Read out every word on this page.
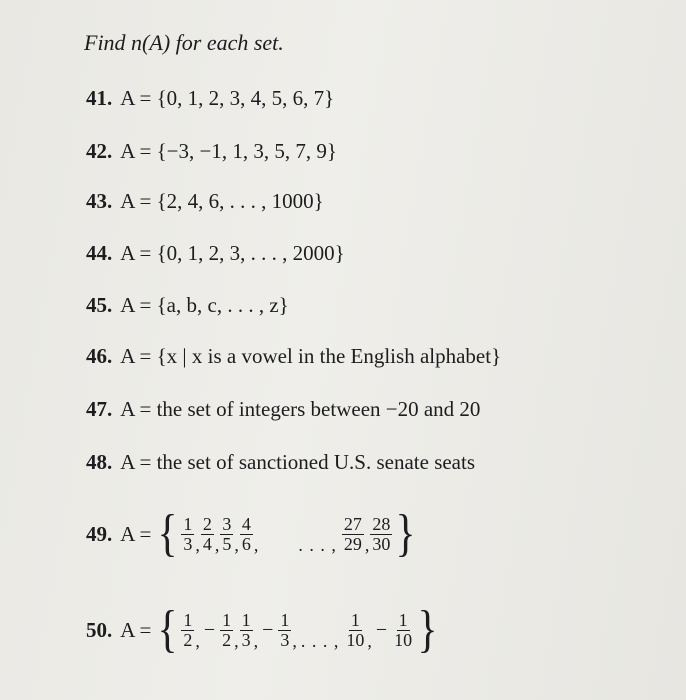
Find n(A) for each set.
41. A = {0, 1, 2, 3, 4, 5, 6, 7}
42. A = {−3, −1, 1, 3, 5, 7, 9}
43. A = {2, 4, 6, . . . , 1000}
44. A = {0, 1, 2, 3, . . . , 2000}
45. A = {a, b, c, . . . , z}
46. A = {x | x is a vowel in the English alphabet}
47. A = the set of integers between −20 and 20
48. A = the set of sanctioned U.S. senate seats
49. A = { $\frac{1}{3}$ , $\frac{2}{4}$ , $\frac{3}{5}$ , $\frac{4}{6}$ , . . . , $\frac{27}{29}$ , $\frac{28}{30}$ }
50. A = { $\frac{1}{2}$ ,
− $\frac{1}{2}$ , $\frac{1}{3}$ ,
− $\frac{1}{3}$ , . . . , $\frac{1}{10}$ ,
− $\frac{1}{10}$ }
